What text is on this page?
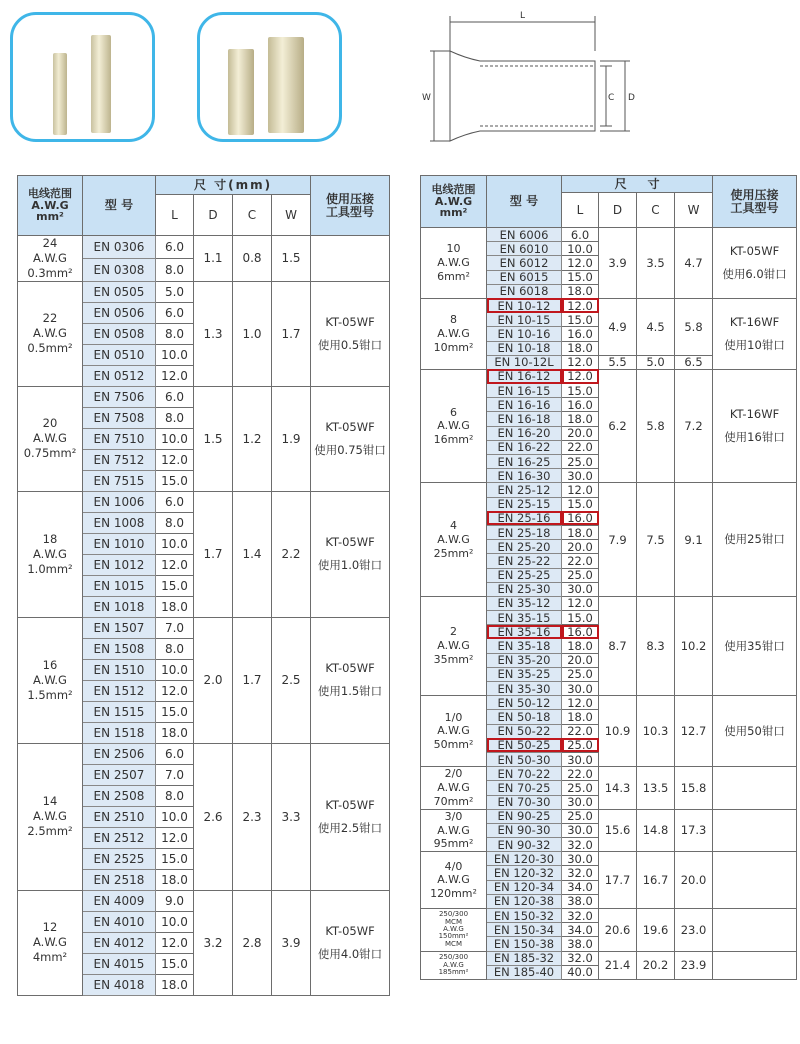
L
W	C D
电线范围
A.W.G
mm²	型 号	尺 寸(mm)				使用压接
工具型号
		L	D	C	W	
24
A.W.G
0.3mm²	EN 0306	6.0	1.1	0.8	1.5	
	EN 0308	8.0				
22
A.W.G
0.5mm²	EN 0505	5.0	1.3	1.0	1.7	KT-05WF
使用0.5钳口
	EN 0506	6.0				
	EN 0508	8.0				
	EN 0510	10.0				
	EN 0512	12.0				
20
A.W.G
0.75mm²	EN 7506	6.0	1.5	1.2	1.9	KT-05WF
使用0.75钳口
	EN 7508	8.0				
	EN 7510	10.0				
	EN 7512	12.0				
	EN 7515	15.0				
18
A.W.G
1.0mm²	EN 1006	6.0	1.7	1.4	2.2	KT-05WF
使用1.0钳口
	EN 1008	8.0				
	EN 1010	10.0				
	EN 1012	12.0				
	EN 1015	15.0				
	EN 1018	18.0				
16
A.W.G
1.5mm²	EN 1507	7.0	2.0	1.7	2.5	KT-05WF
使用1.5钳口
	EN 1508	8.0				
	EN 1510	10.0				
	EN 1512	12.0				
	EN 1515	15.0				
	EN 1518	18.0				
14
A.W.G
2.5mm²	EN 2506	6.0	2.6	2.3	3.3	KT-05WF
使用2.5钳口
	EN 2507	7.0				
	EN 2508	8.0				
	EN 2510	10.0				
	EN 2512	12.0				
	EN 2525	15.0				
	EN 2518	18.0				
12
A.W.G
4mm²	EN 4009	9.0	3.2	2.8	3.9	KT-05WF
使用4.0钳口
	EN 4010	10.0				
	EN 4012	12.0				
	EN 4015	15.0				
	EN 4018	18.0				
电线范围
A.W.G
mm²	型 号	尺     寸				使用压接
工具型号
		L	D	C	W	
10
A.W.G
6mm²	EN 6006	6.0	3.9	3.5	4.7	KT-05WF
使用6.0钳口
	EN 6010	10.0				
	EN 6012	12.0				
	EN 6015	15.0				
	EN 6018	18.0				
8
A.W.G
10mm²	EN 10-12	12.0	4.9	4.5	5.8	KT-16WF
使用10钳口
	EN 10-15	15.0				
	EN 10-16	16.0				
	EN 10-18	18.0				
	EN 10-12L	12.0	5.5	5.0	6.5	
6
A.W.G
16mm²	EN 16-12	12.0	6.2	5.8	7.2	KT-16WF
使用16钳口
	EN 16-15	15.0				
	EN 16-16	16.0				
	EN 16-18	18.0				
	EN 16-20	20.0				
	EN 16-22	22.0				
	EN 16-25	25.0				
	EN 16-30	30.0				
4
A.W.G
25mm²	EN 25-12	12.0	7.9	7.5	9.1	使用25钳口
	EN 25-15	15.0				
	EN 25-16	16.0				
	EN 25-18	18.0				
	EN 25-20	20.0				
	EN 25-22	22.0				
	EN 25-25	25.0				
	EN 25-30	30.0				
2
A.W.G
35mm²	EN 35-12	12.0	8.7	8.3	10.2	使用35钳口
	EN 35-15	15.0				
	EN 35-16	16.0				
	EN 35-18	18.0				
	EN 35-20	20.0				
	EN 35-25	25.0				
	EN 35-30	30.0				
1/0
A.W.G
50mm²	EN 50-12	12.0	10.9	10.3	12.7	使用50钳口
	EN 50-18	18.0				
	EN 50-22	22.0				
	EN 50-25	25.0				
	EN 50-30	30.0				
2/0
A.W.G
70mm²	EN 70-22	22.0	14.3	13.5	15.8	
	EN 70-25	25.0				
	EN 70-30	30.0				
3/0
A.W.G
95mm²	EN 90-25	25.0	15.6	14.8	17.3	
	EN 90-30	30.0				
	EN 90-32	32.0				
4/0
A.W.G
120mm²	EN 120-30	30.0	17.7	16.7	20.0	
	EN 120-32	32.0				
	EN 120-34	34.0				
	EN 120-38	38.0				
250/300
MCM
A.W.G
150mm²
MCM	EN 150-32	32.0	20.6	19.6	23.0	
	EN 150-34	34.0				
	EN 150-38	38.0				
250/300
A.W.G
185mm²	EN 185-32	32.0	21.4	20.2	23.9	
	EN 185-40	40.0				
